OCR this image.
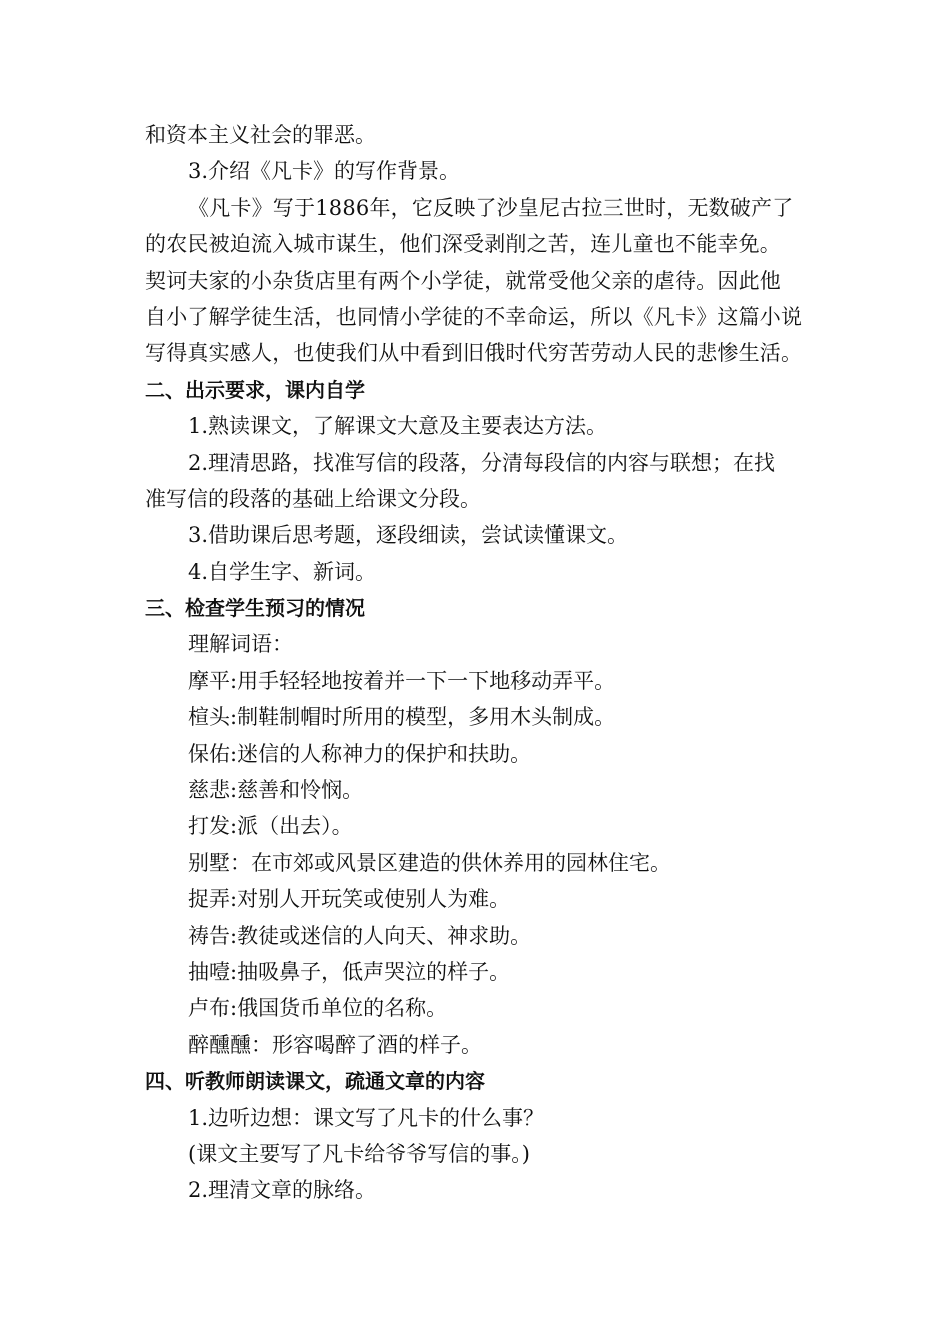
和资本主义社会的罪恶。
3.介绍《凡卡》的写作背景。
《凡卡》写于1886年，它反映了沙皇尼古拉三世时，无数破产了
的农民被迫流入城市谋生，他们深受剥削之苦，连儿童也不能幸免。
契诃夫家的小杂货店里有两个小学徒，就常受他父亲的虐待。因此他
自小了解学徒生活，也同情小学徒的不幸命运，所以《凡卡》这篇小说
写得真实感人，也使我们从中看到旧俄时代穷苦劳动人民的悲惨生活。
二、出示要求，课内自学
1.熟读课文，了解课文大意及主要表达方法。
2.理清思路，找准写信的段落，分清每段信的内容与联想；在找
准写信的段落的基础上给课文分段。
3.借助课后思考题，逐段细读，尝试读懂课文。
4.自学生字、新词。
三、检查学生预习的情况
理解词语：
摩平:用手轻轻地按着并一下一下地移动弄平。
楦头:制鞋制帽时所用的模型，多用木头制成。
保佑:迷信的人称神力的保护和扶助。
慈悲:慈善和怜悯。
打发:派（出去）。
别墅：在市郊或风景区建造的供休养用的园林住宅。
捉弄:对别人开玩笑或使别人为难。
祷告:教徒或迷信的人向天、神求助。
抽噎:抽吸鼻子，低声哭泣的样子。
卢布:俄国货币单位的名称。
醉醺醺：形容喝醉了酒的样子。
四、听教师朗读课文，疏通文章的内容
1.边听边想：课文写了凡卡的什么事？
(课文主要写了凡卡给爷爷写信的事。)
2.理清文章的脉络。
